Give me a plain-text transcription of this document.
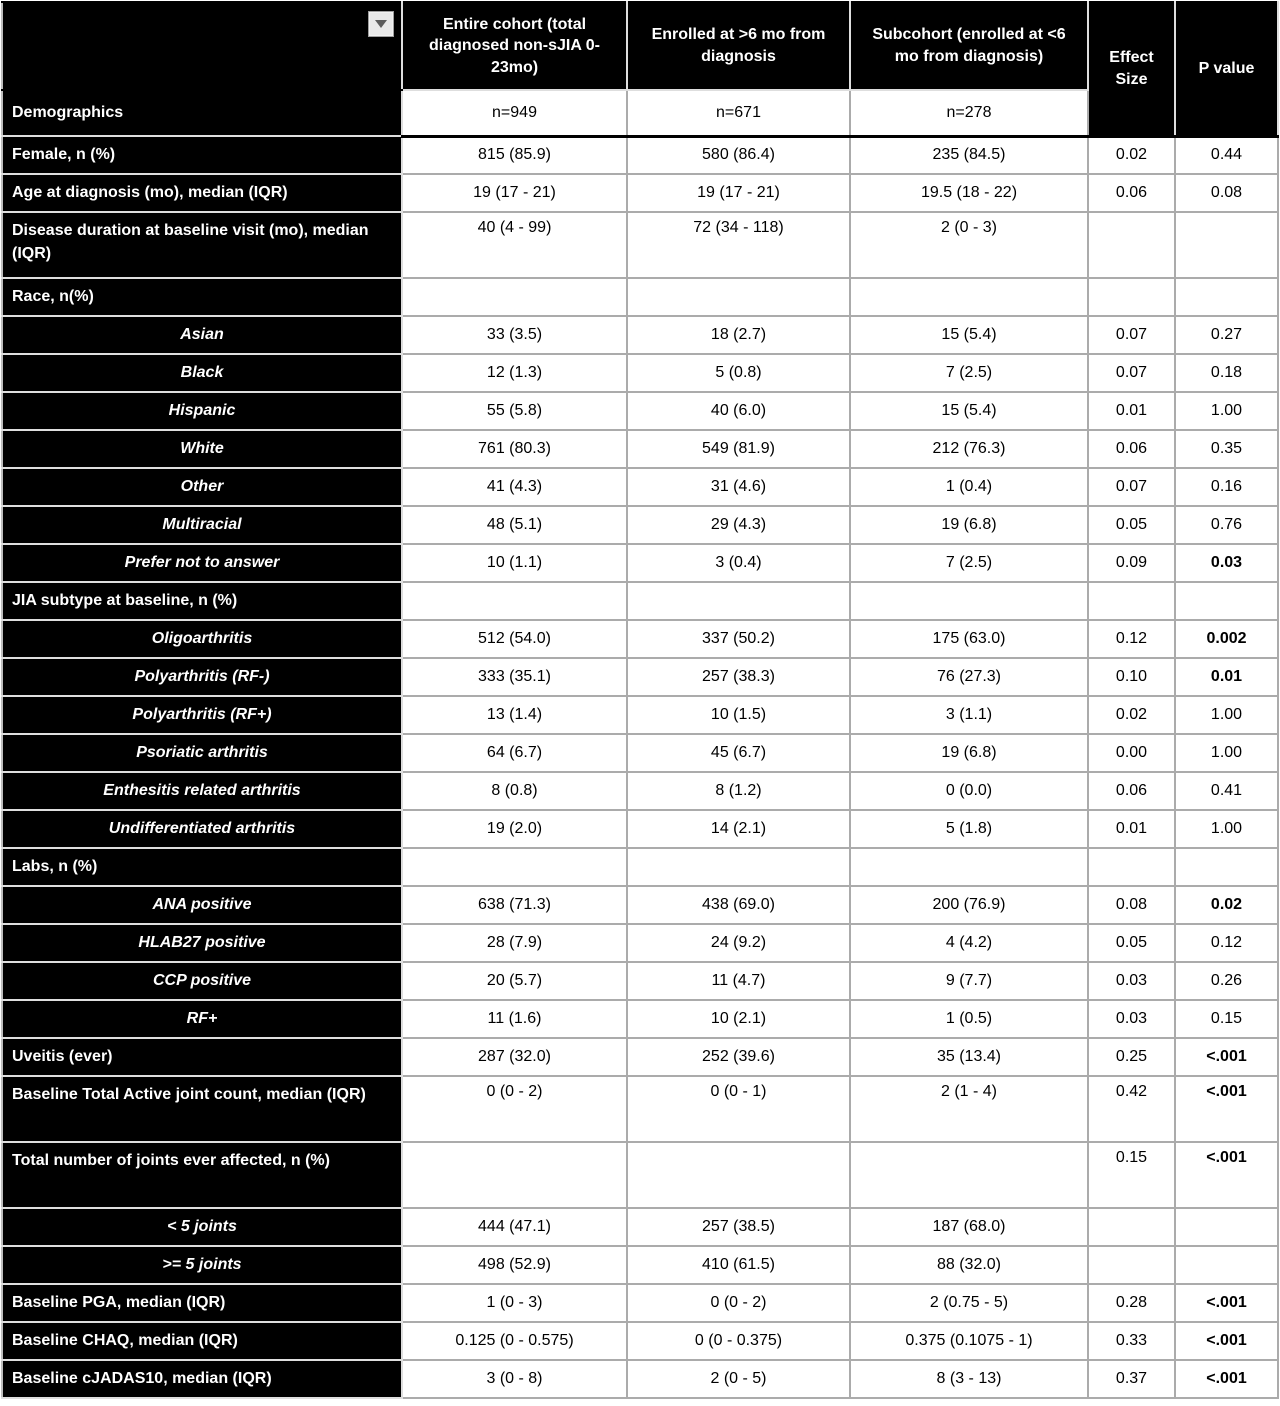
	Entire cohort (total diagnosed non-sJIA 0-23mo)	Enrolled at >6 mo from diagnosis	Subcohort (enrolled at <6 mo from diagnosis)	Effect Size	P value
Demographics	n=949	n=671	n=278		
Female, n (%)	815 (85.9)	580 (86.4)	235 (84.5)	0.02	0.44
Age at diagnosis (mo), median (IQR)	19 (17 - 21)	19 (17 - 21)	19.5 (18 - 22)	0.06	0.08
Disease duration at baseline visit (mo), median (IQR)	40 (4 - 99)	72 (34 - 118)	2 (0 - 3)		
Race, n(%)					
Asian	33 (3.5)	18 (2.7)	15 (5.4)	0.07	0.27
Black	12 (1.3)	5 (0.8)	7 (2.5)	0.07	0.18
Hispanic	55 (5.8)	40 (6.0)	15 (5.4)	0.01	1.00
White	761 (80.3)	549 (81.9)	212 (76.3)	0.06	0.35
Other	41 (4.3)	31 (4.6)	1 (0.4)	0.07	0.16
Multiracial	48 (5.1)	29 (4.3)	19 (6.8)	0.05	0.76
Prefer not to answer	10 (1.1)	3 (0.4)	7 (2.5)	0.09	0.03
JIA subtype at baseline, n (%)					
Oligoarthritis	512 (54.0)	337 (50.2)	175 (63.0)	0.12	0.002
Polyarthritis (RF-)	333 (35.1)	257 (38.3)	76 (27.3)	0.10	0.01
Polyarthritis (RF+)	13 (1.4)	10 (1.5)	3 (1.1)	0.02	1.00
Psoriatic arthritis	64 (6.7)	45 (6.7)	19 (6.8)	0.00	1.00
Enthesitis related arthritis	8 (0.8)	8 (1.2)	0 (0.0)	0.06	0.41
Undifferentiated arthritis	19 (2.0)	14 (2.1)	5 (1.8)	0.01	1.00
Labs, n (%)					
ANA positive	638 (71.3)	438 (69.0)	200 (76.9)	0.08	0.02
HLAB27 positive	28 (7.9)	24 (9.2)	4 (4.2)	0.05	0.12
CCP positive	20 (5.7)	11 (4.7)	9 (7.7)	0.03	0.26
RF+	11 (1.6)	10 (2.1)	1 (0.5)	0.03	0.15
Uveitis (ever)	287 (32.0)	252 (39.6)	35 (13.4)	0.25	<.001
Baseline Total Active joint count, median (IQR)	0 (0 - 2)	0 (0 - 1)	2 (1 - 4)	0.42	<.001
Total number of joints ever affected, n (%)				0.15	<.001
< 5 joints	444 (47.1)	257 (38.5)	187 (68.0)		
>= 5 joints	498 (52.9)	410 (61.5)	88 (32.0)		
Baseline PGA, median (IQR)	1 (0 - 3)	0 (0 - 2)	2 (0.75 - 5)	0.28	<.001
Baseline CHAQ, median (IQR)	0.125 (0 - 0.575)	0 (0 - 0.375)	0.375 (0.1075 - 1)	0.33	<.001
Baseline cJADAS10, median (IQR)	3 (0 - 8)	2 (0 - 5)	8 (3 - 13)	0.37	<.001
